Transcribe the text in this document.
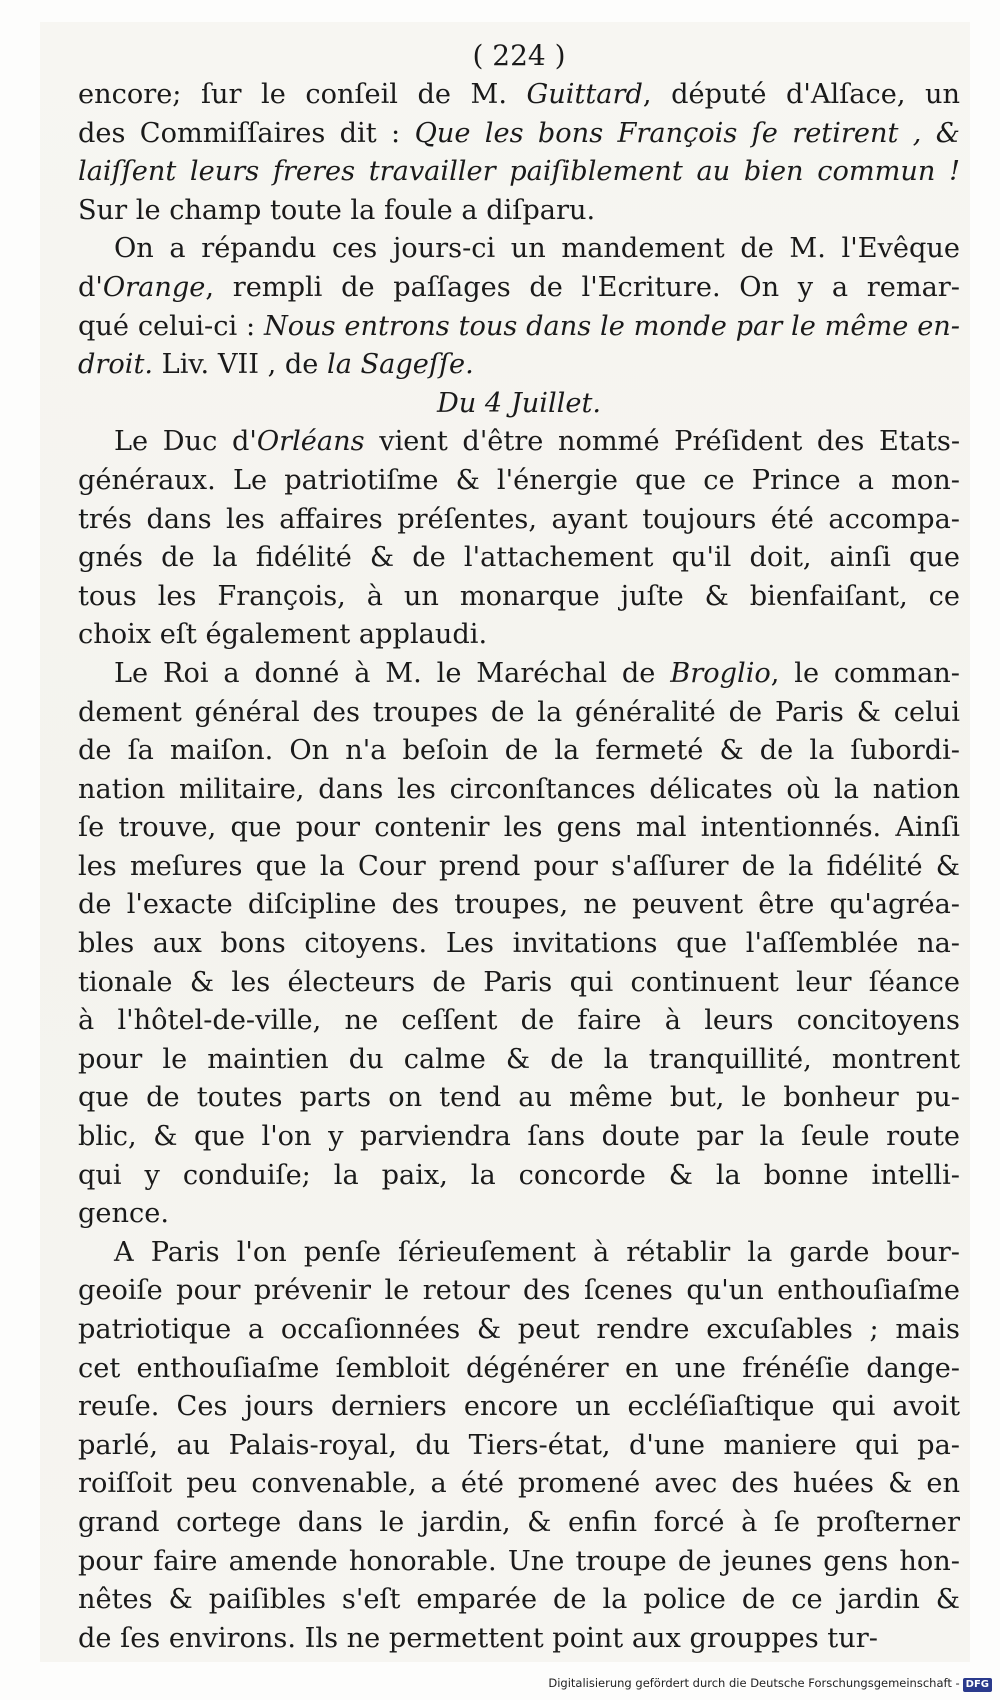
( 224 )

encore; ſur le conſeil de M. Guittard, député d'Alſace, un
des Commiſſaires dit : Que les bons François ſe retirent , &
laiſſent leurs freres travailler paiſiblement au bien commun !
Sur le champ toute la foule a diſparu.
On a répandu ces jours-ci un mandement de M. l'Evêque
d'Orange, rempli de paſſages de l'Ecriture. On y a remar-
qué celui-ci : Nous entrons tous dans le monde par le même en-
droit. Liv. VII , de la Sageſſe.
Du 4 Juillet.
Le Duc d'Orléans vient d'être nommé Préſident des Etats-
généraux. Le patriotiſme & l'énergie que ce Prince a mon-
trés dans les affaires préſentes, ayant toujours été accompa-
gnés de la fidélité & de l'attachement qu'il doit, ainſi que
tous les François, à un monarque juſte & bienfaiſant, ce
choix eſt également applaudi.
Le Roi a donné à M. le Maréchal de Broglio, le comman-
dement général des troupes de la généralité de Paris & celui
de ſa maiſon. On n'a beſoin de la fermeté & de la ſubordi-
nation militaire, dans les circonſtances délicates où la nation
ſe trouve, que pour contenir les gens mal intentionnés. Ainſi
les meſures que la Cour prend pour s'aſſurer de la fidélité &
de l'exacte diſcipline des troupes, ne peuvent être qu'agréa-
bles aux bons citoyens. Les invitations que l'aſſemblée na-
tionale & les électeurs de Paris qui continuent leur ſéance
à l'hôtel-de-ville, ne ceſſent de faire à leurs concitoyens
pour le maintien du calme & de la tranquillité, montrent
que de toutes parts on tend au même but, le bonheur pu-
blic, & que l'on y parviendra ſans doute par la ſeule route
qui y conduiſe; la paix, la concorde & la bonne intelli-
gence.
A Paris l'on penſe ſérieuſement à rétablir la garde bour-
geoiſe pour prévenir le retour des ſcenes qu'un enthouſiaſme
patriotique a occaſionnées & peut rendre excuſables ; mais
cet enthouſiaſme ſembloit dégénérer en une frénéſie dange-
reuſe. Ces jours derniers encore un eccléſiaſtique qui avoit
parlé, au Palais-royal, du Tiers-état, d'une maniere qui pa-
roiſſoit peu convenable, a été promené avec des huées & en
grand cortege dans le jardin, & enfin forcé à ſe proſterner
pour faire amende honorable. Une troupe de jeunes gens hon-
nêtes & paiſibles s'eſt emparée de la police de ce jardin &
de ſes environs. Ils ne permettent point aux grouppes tur-
Digitalisierung gefördert durch die Deutsche Forschungsgemeinschaft - DFG
